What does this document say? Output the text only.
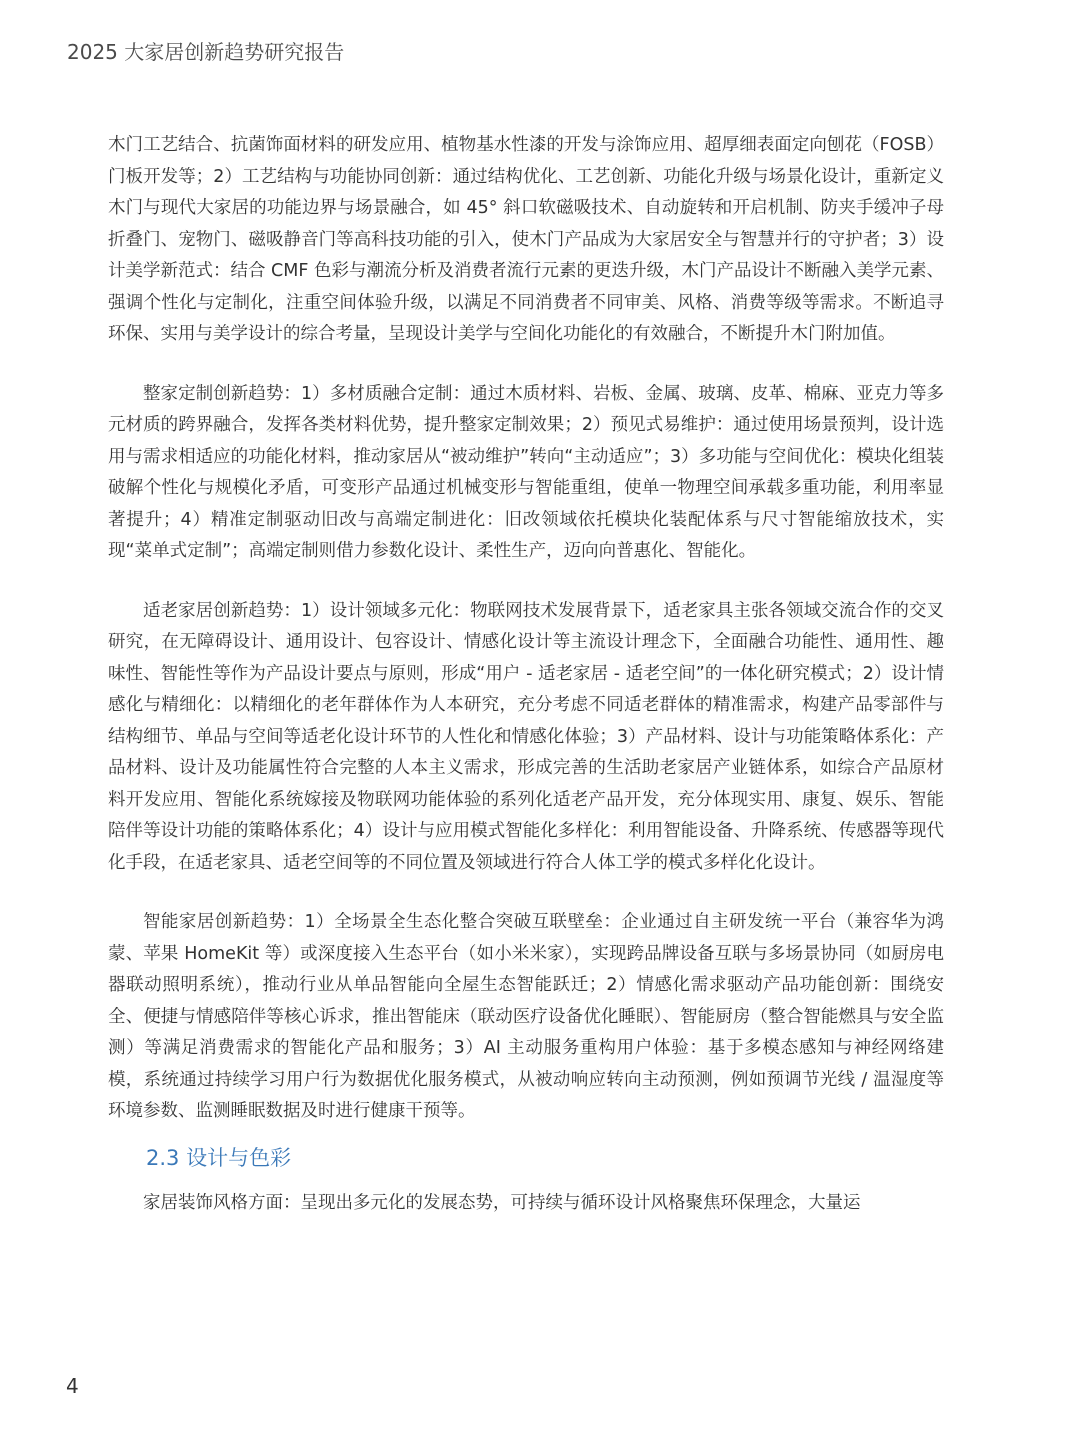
2025 大家居创新趋势研究报告

木门工艺结合、抗菌饰面材料的研发应用、植物基水性漆的开发与涂饰应用、超厚细表面定向刨花（FOSB）门板开发等；2）工艺结构与功能协同创新：通过结构优化、工艺创新、功能化升级与场景化设计，重新定义木门与现代大家居的功能边界与场景融合，如 45° 斜口软磁吸技术、自动旋转和开启机制、防夹手缓冲子母折叠门、宠物门、磁吸静音门等高科技功能的引入，使木门产品成为大家居安全与智慧并行的守护者；3）设计美学新范式：结合 CMF 色彩与潮流分析及消费者流行元素的更迭升级，木门产品设计不断融入美学元素、强调个性化与定制化，注重空间体验升级，以满足不同消费者不同审美、风格、消费等级等需求。不断追寻环保、实用与美学设计的综合考量，呈现设计美学与空间化功能化的有效融合，不断提升木门附加值。

整家定制创新趋势：1）多材质融合定制：通过木质材料、岩板、金属、玻璃、皮革、棉麻、亚克力等多元材质的跨界融合，发挥各类材料优势，提升整家定制效果；2）预见式易维护：通过使用场景预判，设计选用与需求相适应的功能化材料，推动家居从“被动维护”转向“主动适应”；3）多功能与空间优化：模块化组装破解个性化与规模化矛盾，可变形产品通过机械变形与智能重组，使单一物理空间承载多重功能，利用率显著提升；4）精准定制驱动旧改与高端定制进化：旧改领域依托模块化装配体系与尺寸智能缩放技术，实现“菜单式定制”；高端定制则借力参数化设计、柔性生产，迈向向普惠化、智能化。

适老家居创新趋势：1）设计领域多元化：物联网技术发展背景下，适老家具主张各领域交流合作的交叉研究，在无障碍设计、通用设计、包容设计、情感化设计等主流设计理念下，全面融合功能性、通用性、趣味性、智能性等作为产品设计要点与原则，形成“用户 - 适老家居 - 适老空间”的一体化研究模式；2）设计情感化与精细化：以精细化的老年群体作为人本研究，充分考虑不同适老群体的精准需求，构建产品零部件与结构细节、单品与空间等适老化设计环节的人性化和情感化体验；3）产品材料、设计与功能策略体系化：产品材料、设计及功能属性符合完整的人本主义需求，形成完善的生活助老家居产业链体系，如综合产品原材料开发应用、智能化系统嫁接及物联网功能体验的系列化适老产品开发，充分体现实用、康复、娱乐、智能陪伴等设计功能的策略体系化；4）设计与应用模式智能化多样化：利用智能设备、升降系统、传感器等现代化手段，在适老家具、适老空间等的不同位置及领域进行符合人体工学的模式多样化化设计。

智能家居创新趋势：1）全场景全生态化整合突破互联壁垒：企业通过自主研发统一平台（兼容华为鸿蒙、苹果 HomeKit 等）或深度接入生态平台（如小米米家），实现跨品牌设备互联与多场景协同（如厨房电器联动照明系统），推动行业从单品智能向全屋生态智能跃迁；2）情感化需求驱动产品功能创新：围绕安全、便捷与情感陪伴等核心诉求，推出智能床（联动医疗设备优化睡眠）、智能厨房（整合智能燃具与安全监测）等满足消费需求的智能化产品和服务；3）AI 主动服务重构用户体验：基于多模态感知与神经网络建模，系统通过持续学习用户行为数据优化服务模式，从被动响应转向主动预测，例如预调节光线 / 温湿度等环境参数、监测睡眠数据及时进行健康干预等。

2.3 设计与色彩

家居装饰风格方面：呈现出多元化的发展态势，可持续与循环设计风格聚焦环保理念，大量运

4
